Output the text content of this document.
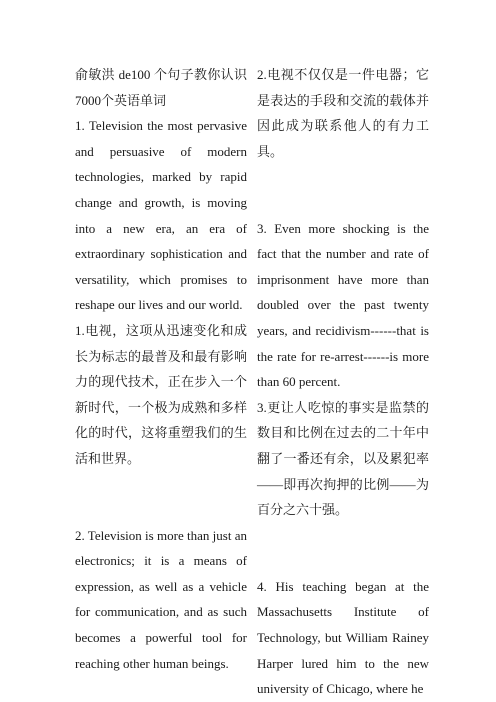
俞敏洪 de100 个句子教你认识7000个英语单词

1. Television the most pervasive and persuasive of modern technologies, marked by rapid change and growth, is moving into a new era, an era of extraordinary sophistication and versatility, which promises to reshape our lives and our world.

1.电视，这项从迅速变化和成长为标志的最普及和最有影响力的现代技术，正在步入一个新时代，一个极为成熟和多样化的时代，这将重塑我们的生活和世界。

2. Television is more than just an electronics; it is a means of expression, as well as a vehicle for communication, and as such becomes a powerful tool for reaching other human beings.

2.电视不仅仅是一件电器；它是表达的手段和交流的载体并因此成为联系他人的有力工具。

3. Even more shocking is the fact that the number and rate of imprisonment have more than doubled over the past twenty years, and recidivism------that is the rate for re-arrest------is more than 60 percent.

3.更让人吃惊的事实是监禁的数目和比例在过去的二十年中翻了一番还有余，以及累犯率——即再次拘押的比例——为百分之六十强。

4. His teaching began at the Massachusetts Institute of Technology, but William Rainey Harper lured him to the new university of Chicago, where he
